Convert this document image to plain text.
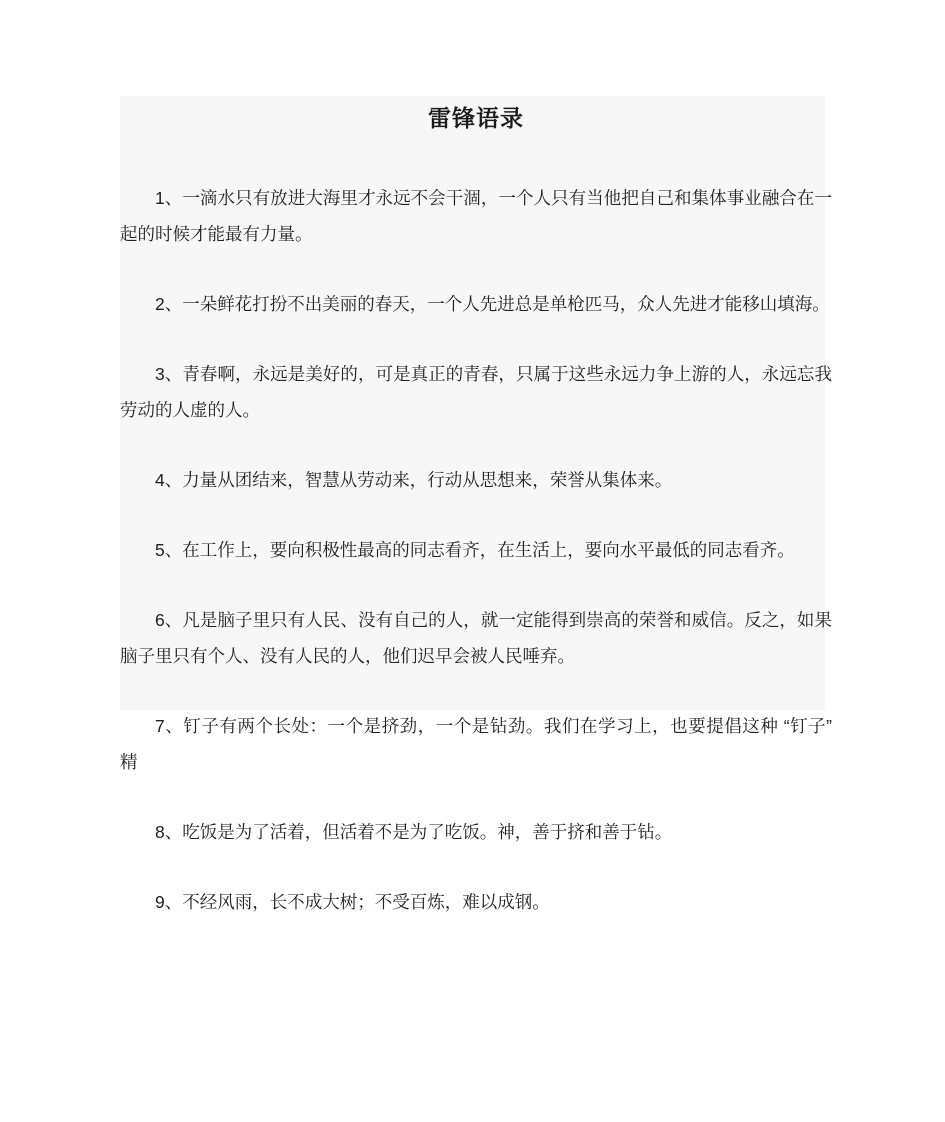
雷锋语录

1、一滴水只有放进大海里才永远不会干涸，一个人只有当他把自己和集体事业融合在一起的时候才能最有力量。

2、一朵鲜花打扮不出美丽的春天，一个人先进总是单枪匹马，众人先进才能移山填海。

3、青春啊，永远是美好的，可是真正的青春，只属于这些永远力争上游的人，永远忘我劳动的人虚的人。

4、力量从团结来，智慧从劳动来，行动从思想来，荣誉从集体来。

5、在工作上，要向积极性最高的同志看齐，在生活上，要向水平最低的同志看齐。

6、凡是脑子里只有人民、没有自己的人，就一定能得到崇高的荣誉和威信。反之，如果脑子里只有个人、没有人民的人，他们迟早会被人民唾弃。

7、钉子有两个长处：一个是挤劲，一个是钻劲。我们在学习上，也要提倡这种 “钉子” 精

8、吃饭是为了活着，但活着不是为了吃饭。神，善于挤和善于钻。

9、不经风雨，长不成大树；不受百炼，难以成钢。
